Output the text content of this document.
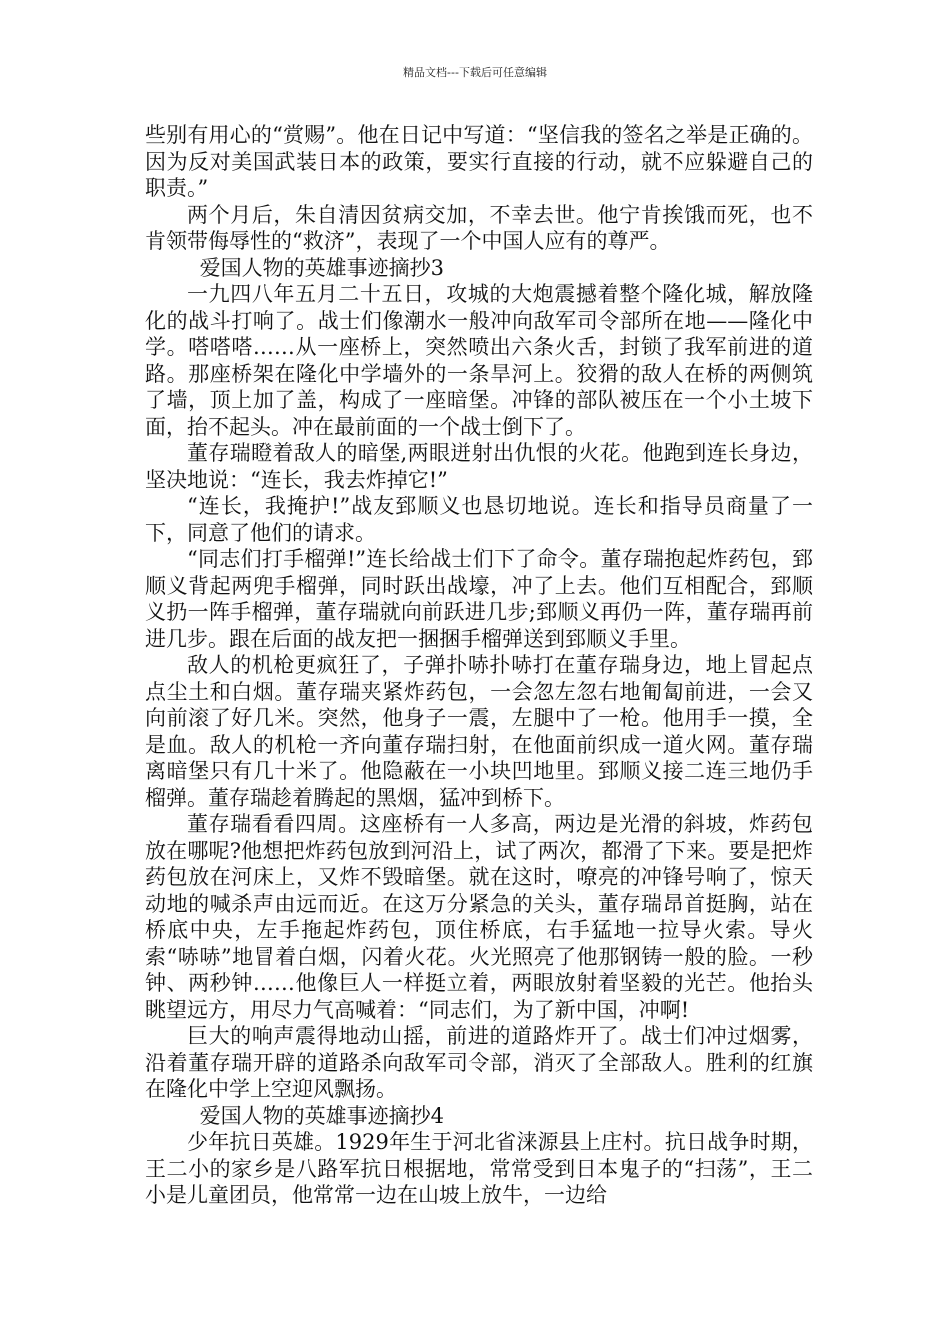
精品文档---下载后可任意编辑

些别有用心的“赏赐”。他在日记中写道：“坚信我的签名之举是正确的。因为反对美国武装日本的政策，要实行直接的行动，就不应躲避自己的职责。”

两个月后，朱自清因贫病交加，不幸去世。他宁肯挨饿而死，也不肯领带侮辱性的“救济”，表现了一个中国人应有的尊严。

爱国人物的英雄事迹摘抄3

一九四八年五月二十五日，攻城的大炮震撼着整个隆化城，解放隆化的战斗打响了。战士们像潮水一般冲向敌军司令部所在地——隆化中学。嗒嗒嗒……从一座桥上，突然喷出六条火舌，封锁了我军前进的道路。那座桥架在隆化中学墙外的一条旱河上。狡猾的敌人在桥的两侧筑了墙，顶上加了盖，构成了一座暗堡。冲锋的部队被压在一个小土坡下面，抬不起头。冲在最前面的一个战士倒下了。

董存瑞瞪着敌人的暗堡,两眼迸射出仇恨的火花。他跑到连长身边，坚决地说：“连长，我去炸掉它!”

“连长，我掩护!”战友郅顺义也恳切地说。连长和指导员商量了一下，同意了他们的请求。

“同志们打手榴弹!”连长给战士们下了命令。董存瑞抱起炸药包，郅顺义背起两兜手榴弹，同时跃出战壕，冲了上去。他们互相配合，郅顺义扔一阵手榴弹，董存瑞就向前跃进几步;郅顺义再仍一阵，董存瑞再前进几步。跟在后面的战友把一捆捆手榴弹送到郅顺义手里。

敌人的机枪更疯狂了，子弹扑哧扑哧打在董存瑞身边，地上冒起点点尘土和白烟。董存瑞夹紧炸药包，一会忽左忽右地匍匐前进，一会又向前滚了好几米。突然，他身子一震，左腿中了一枪。他用手一摸，全是血。敌人的机枪一齐向董存瑞扫射，在他面前织成一道火网。董存瑞离暗堡只有几十米了。他隐蔽在一小块凹地里。郅顺义接二连三地仍手榴弹。董存瑞趁着腾起的黑烟，猛冲到桥下。

董存瑞看看四周。这座桥有一人多高，两边是光滑的斜坡，炸药包放在哪呢?他想把炸药包放到河沿上，试了两次，都滑了下来。要是把炸药包放在河床上，又炸不毁暗堡。就在这时，嘹亮的冲锋号响了，惊天动地的喊杀声由远而近。在这万分紧急的关头，董存瑞昂首挺胸，站在桥底中央，左手拖起炸药包，顶住桥底，右手猛地一拉导火索。导火索“哧哧”地冒着白烟，闪着火花。火光照亮了他那钢铸一般的脸。一秒钟、两秒钟……他像巨人一样挺立着，两眼放射着坚毅的光芒。他抬头眺望远方，用尽力气高喊着：“同志们，为了新中国，冲啊!

巨大的响声震得地动山摇，前进的道路炸开了。战士们冲过烟雾，沿着董存瑞开辟的道路杀向敌军司令部，消灭了全部敌人。胜利的红旗在隆化中学上空迎风飘扬。

爱国人物的英雄事迹摘抄4

少年抗日英雄。1929年生于河北省涞源县上庄村。抗日战争时期，王二小的家乡是八路军抗日根据地，常常受到日本鬼子的“扫荡”，王二小是儿童团员，他常常一边在山坡上放牛，一边给
